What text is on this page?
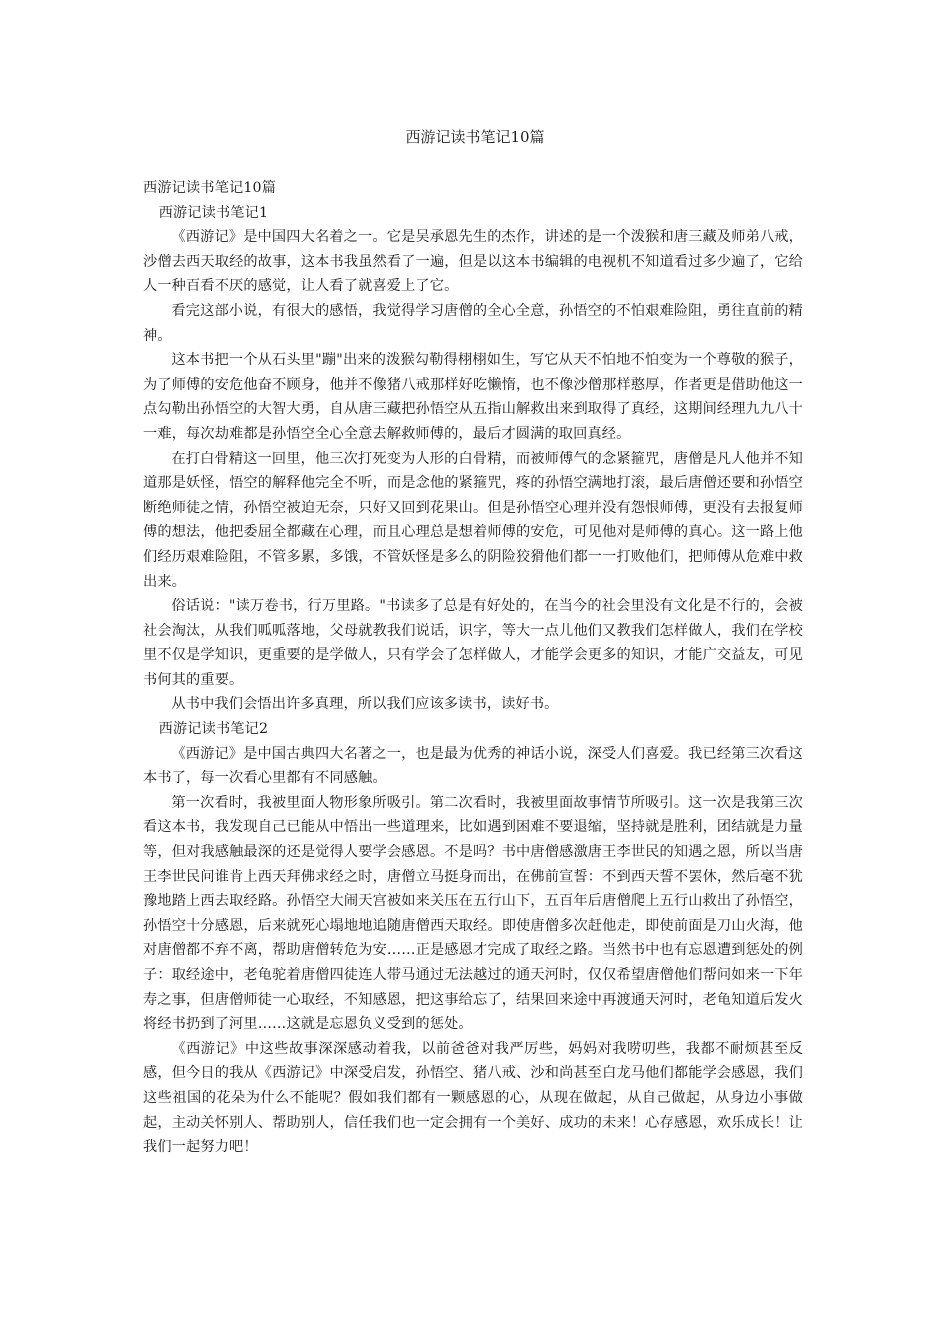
西游记读书笔记10篇

西游记读书笔记10篇

西游记读书笔记1

《西游记》是中国四大名着之一。它是吴承恩先生的杰作，讲述的是一个泼猴和唐三藏及师弟八戒，沙僧去西天取经的故事，这本书我虽然看了一遍，但是以这本书编辑的电视机不知道看过多少遍了，它给人一种百看不厌的感觉，让人看了就喜爱上了它。

看完这部小说，有很大的感悟，我觉得学习唐僧的全心全意，孙悟空的不怕艰难险阻，勇往直前的精神。

这本书把一个从石头里"蹦"出来的泼猴勾勒得栩栩如生，写它从天不怕地不怕变为一个尊敬的猴子，为了师傅的安危他奋不顾身，他并不像猪八戒那样好吃懒惰，也不像沙僧那样憨厚，作者更是借助他这一点勾勒出孙悟空的大智大勇，自从唐三藏把孙悟空从五指山解救出来到取得了真经，这期间经理九九八十一难，每次劫难都是孙悟空全心全意去解救师傅的，最后才圆满的取回真经。

在打白骨精这一回里，他三次打死变为人形的白骨精，而被师傅气的念紧箍咒，唐僧是凡人他并不知道那是妖怪，悟空的解释他完全不听，而是念他的紧箍咒，疼的孙悟空满地打滚，最后唐僧还要和孙悟空断绝师徒之情，孙悟空被迫无奈，只好又回到花果山。但是孙悟空心理并没有怨恨师傅，更没有去报复师傅的想法，他把委屈全都藏在心理，而且心理总是想着师傅的安危，可见他对是师傅的真心。这一路上他们经历艰难险阻，不管多累，多饿，不管妖怪是多么的阴险狡猾他们都一一打败他们，把师傅从危难中救出来。

俗话说："读万卷书，行万里路。"书读多了总是有好处的，在当今的社会里没有文化是不行的，会被社会淘汰，从我们呱呱落地，父母就教我们说话，识字，等大一点儿他们又教我们怎样做人，我们在学校里不仅是学知识，更重要的是学做人，只有学会了怎样做人，才能学会更多的知识，才能广交益友，可见书何其的重要。

从书中我们会悟出许多真理，所以我们应该多读书，读好书。

西游记读书笔记2

《西游记》是中国古典四大名著之一，也是最为优秀的神话小说，深受人们喜爱。我已经第三次看这本书了，每一次看心里都有不同感触。

第一次看时，我被里面人物形象所吸引。第二次看时，我被里面故事情节所吸引。这一次是我第三次看这本书，我发现自己已能从中悟出一些道理来，比如遇到困难不要退缩，坚持就是胜利，团结就是力量等，但对我感触最深的还是觉得人要学会感恩。不是吗？书中唐僧感激唐王李世民的知遇之恩，所以当唐王李世民问谁肯上西天拜佛求经之时，唐僧立马挺身而出，在佛前宣誓：不到西天誓不罢休，然后毫不犹豫地踏上西去取经路。孙悟空大闹天宫被如来关压在五行山下，五百年后唐僧爬上五行山救出了孙悟空，孙悟空十分感恩，后来就死心塌地地追随唐僧西天取经。即使唐僧多次赶他走，即使前面是刀山火海，他对唐僧都不弃不离，帮助唐僧转危为安……正是感恩才完成了取经之路。当然书中也有忘恩遭到惩处的例子：取经途中，老龟驼着唐僧四徒连人带马通过无法越过的通天河时，仅仅希望唐僧他们帮问如来一下年寿之事，但唐僧师徒一心取经，不知感恩，把这事给忘了，结果回来途中再渡通天河时，老龟知道后发火将经书扔到了河里……这就是忘恩负义受到的惩处。

《西游记》中这些故事深深感动着我，以前爸爸对我严厉些，妈妈对我唠叨些，我都不耐烦甚至反感，但今日的我从《西游记》中深受启发，孙悟空、猪八戒、沙和尚甚至白龙马他们都能学会感恩，我们这些祖国的花朵为什么不能呢？假如我们都有一颗感恩的心，从现在做起，从自己做起，从身边小事做起，主动关怀别人、帮助别人，信任我们也一定会拥有一个美好、成功的未来！心存感恩，欢乐成长！让我们一起努力吧！
